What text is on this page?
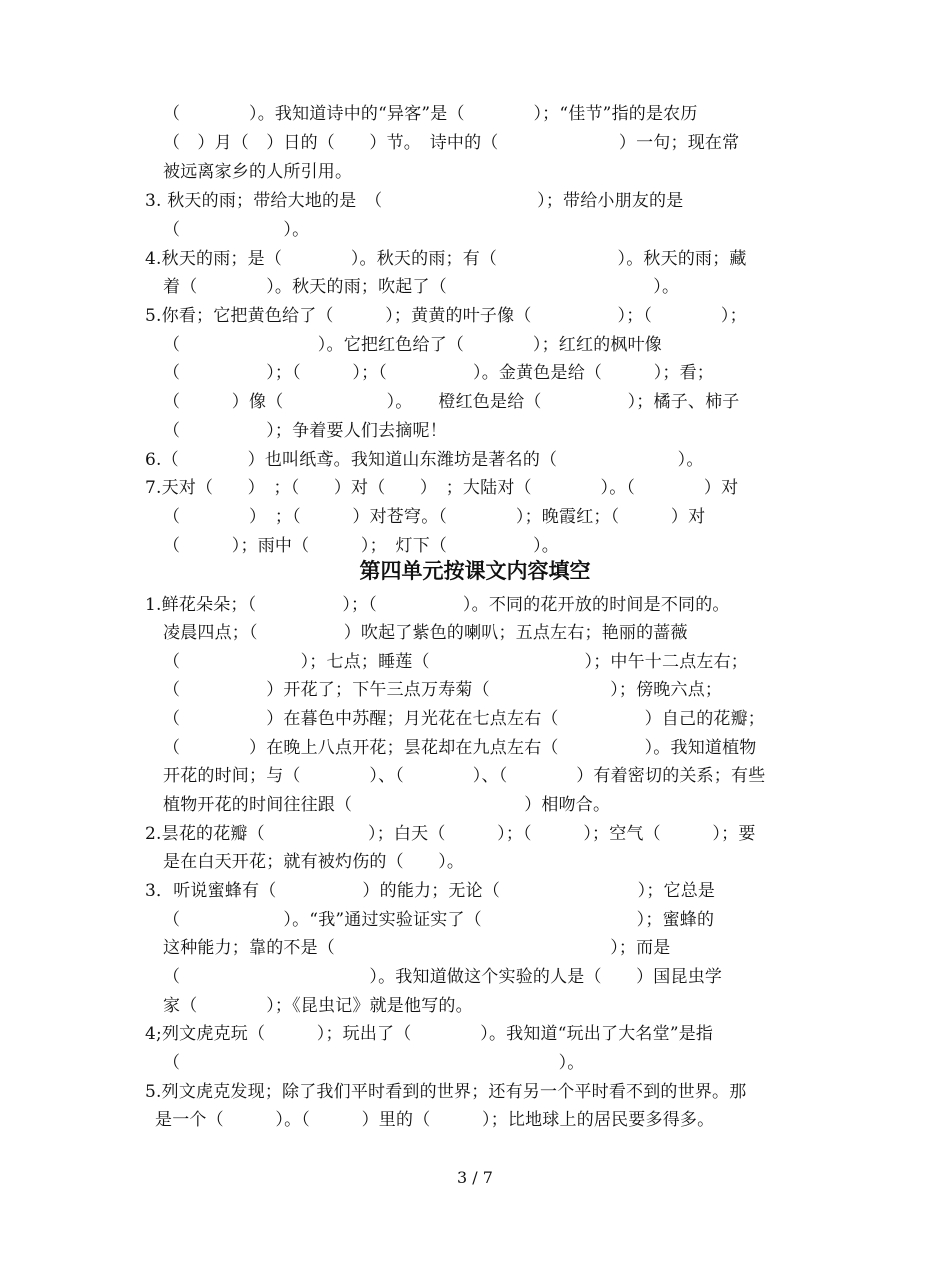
（　　　　）。我知道诗中的“异客”是（　　　　）；“佳节”指的是农历
（　）月（　）日的（　　）节。　诗中的（　　　　　　　）一句；现在常
被远离家乡的人所引用。
3. 秋天的雨；带给大地的是　（　　　　　　　　　）；带给小朋友的是
（　　　　　　）。
4.秋天的雨；是（　　　　）。秋天的雨；有（　　　　　　　）。秋天的雨；藏
着（　　　　）。秋天的雨；吹起了（　　　　　　　　　　　　）。
5.你看；它把黄色给了（　　　）；黄黄的叶子像（　　　　　）；（　　　　）；
（　　　　　　　　）。它把红色给了（　　　　）；红红的枫叶像
（　　　　　）；（　　　）；（　　　　　）。金黄色是给（　　　）；看；
（　　　）像（　　　　　　）。　　橙红色是给（　　　　　）；橘子、柿子
（　　　　　）；争着要人们去摘呢！
6.（　　　　）也叫纸鸢。我知道山东潍坊是著名的（　　　　　　　）。
7.天对（　　）　；（　　）对（　　）　；大陆对（　　　　）。（　　　　）对
（　　　　）　；（　　　）对苍穹。（　　　　）；晚霞红；（　　　）对
（　　　）；雨中（　　　）；　灯下（　　　　　）。
第四单元按课文内容填空
1.鲜花朵朵；（　　　　　）；（　　　　　）。不同的花开放的时间是不同的。
凌晨四点；（　　　　　）吹起了紫色的喇叭；五点左右；艳丽的蔷薇
（　　　　　　　）；七点；睡莲（　　　　　　　　　）；中午十二点左右；
（　　　　　）开花了；下午三点万寿菊（　　　　　　　）；傍晚六点；
（　　　　　）在暮色中苏醒；月光花在七点左右（　　　　　）自己的花瓣；
（　　　　）在晚上八点开花；昙花却在九点左右（　　　　　）。我知道植物
开花的时间；与（　　　　）、（　　　　）、（　　　　）有着密切的关系；有些
植物开花的时间往往跟（　　　　　　　　　　）相吻合。
2.昙花的花瓣（　　　　　　）；白天（　　　）；（　　　）；空气（　　　）；要
是在白天开花；就有被灼伤的（　　）。
3．听说蜜蜂有（　　　　　）的能力；无论（　　　　　　　　）；它总是
（　　　　　　）。“我”通过实验证实了（　　　　　　　　　）；蜜蜂的
这种能力；靠的不是（　　　　　　　　　　　　　　　　）；而是
（　　　　　　　　　　　）。我知道做这个实验的人是（　　）国昆虫学
家（　　　　）；《昆虫记》就是他写的。
4;列文虎克玩（　　　）；玩出了（　　　　）。我知道“玩出了大名堂”是指
（　　　　　　　　　　　　　　　　　　　　　　）。
5.列文虎克发现；除了我们平时看到的世界；还有另一个平时看不到的世界。那
是一个（　　　）。（　　　）里的（　　　）；比地球上的居民要多得多。
3 / 7
